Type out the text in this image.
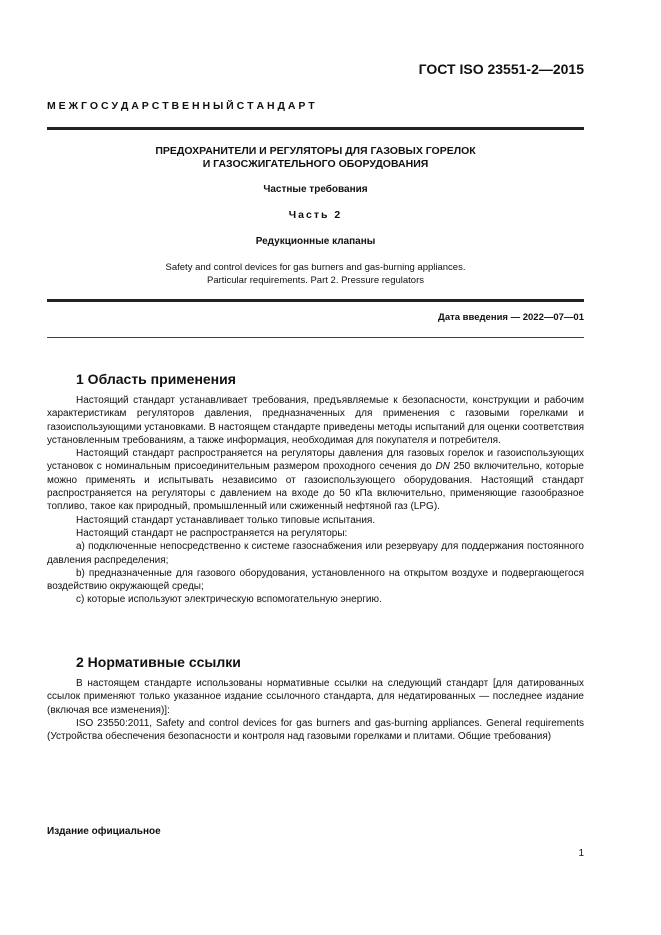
ГОСТ ISO 23551-2—2015
М Е Ж Г О С У Д А Р С Т В Е Н Н Ы Й С Т А Н Д А Р Т
ПРЕДОХРАНИТЕЛИ И РЕГУЛЯТОРЫ ДЛЯ ГАЗОВЫХ ГОРЕЛОК
И ГАЗОСЖИГАТЕЛЬНОГО ОБОРУДОВАНИЯ
Частные требования
Часть 2
Редукционные клапаны
Safety and control devices for gas burners and gas-burning appliances.
Particular requirements. Part 2. Pressure regulators
Дата введения — 2022—07—01
1 Область применения

Настоящий стандарт устанавливает требования, предъявляемые к безопасности, конструкции и рабочим характеристикам регуляторов давления, предназначенных для применения с газовыми горелками и газоиспользующими установками. В настоящем стандарте приведены методы испытаний для оценки соответствия установленным требованиям, а также информация, необходимая для покупателя и потребителя.

Настоящий стандарт распространяется на регуляторы давления для газовых горелок и газоиспользующих установок с номинальным присоединительным размером проходного сечения до DN 250 включительно, которые можно применять и испытывать независимо от газоиспользующего оборудования. Настоящий стандарт распространяется на регуляторы с давлением на входе до 50 кПа включительно, применяющие газообразное топливо, такое как природный, промышленный или сжиженный нефтяной газ (LPG).

Настоящий стандарт устанавливает только типовые испытания.

Настоящий стандарт не распространяется на регуляторы:

a) подключенные непосредственно к системе газоснабжения или резервуару для поддержания постоянного давления распределения;

b) предназначенные для газового оборудования, установленного на открытом воздухе и подвергающегося воздействию окружающей среды;

c) которые используют электрическую вспомогательную энергию.

2 Нормативные ссылки

В настоящем стандарте использованы нормативные ссылки на следующий стандарт [для датированных ссылок применяют только указанное издание ссылочного стандарта, для недатированных — последнее издание (включая все изменения)]:

ISO 23550:2011, Safety and control devices for gas burners and gas-burning appliances. General requirements (Устройства обеспечения безопасности и контроля над газовыми горелками и плитами. Общие требования)

Издание официальное
1
